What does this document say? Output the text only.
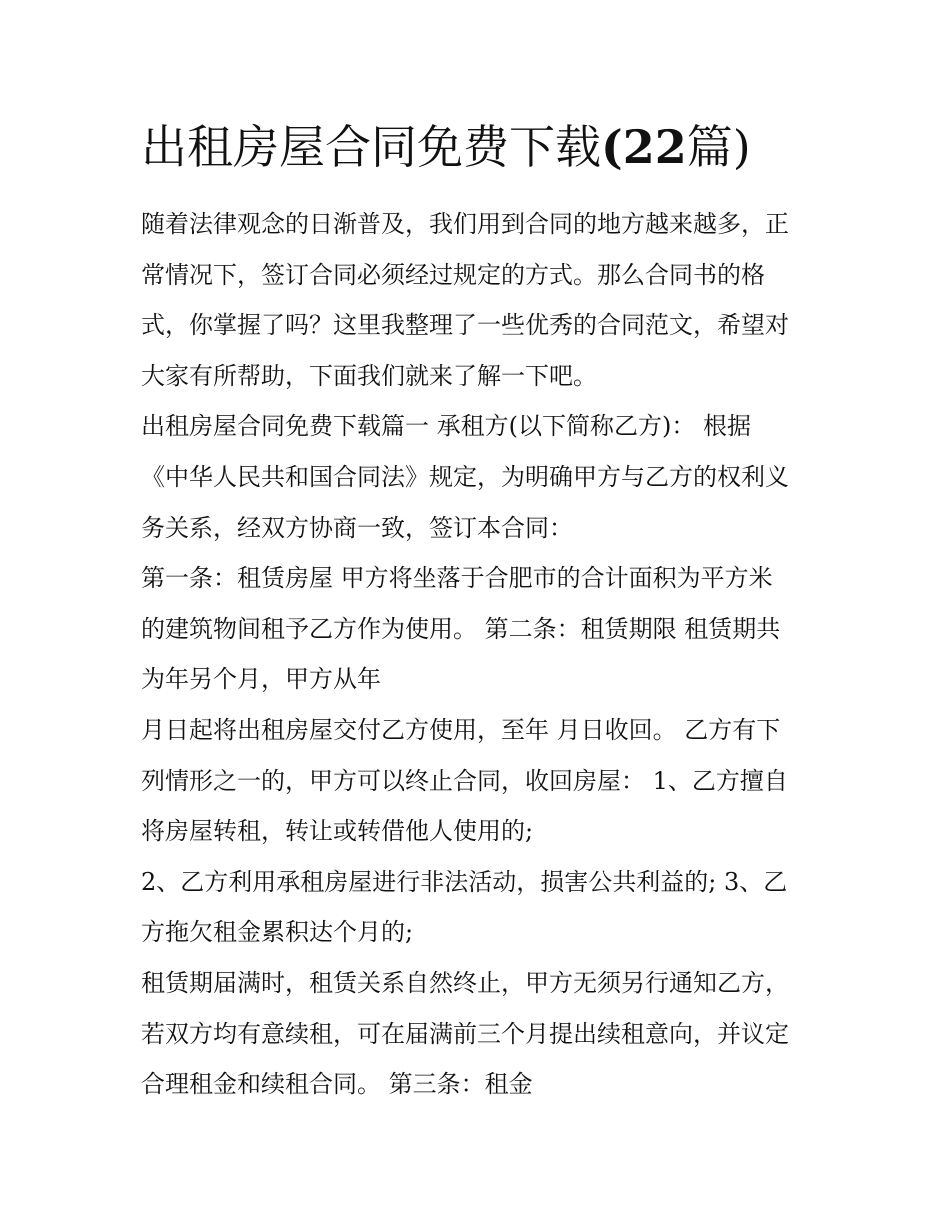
出租房屋合同免费下载(22篇)
随着法律观念的日渐普及，我们用到合同的地方越来越多，正
常情况下，签订合同必须经过规定的方式。那么合同书的格
式，你掌握了吗？这里我整理了一些优秀的合同范文，希望对
大家有所帮助，下面我们就来了解一下吧。
出租房屋合同免费下载篇一 承租方(以下简称乙方)： 根据
《中华人民共和国合同法》规定，为明确甲方与乙方的权利义
务关系，经双方协商一致，签订本合同：
第一条：租赁房屋 甲方将坐落于合肥市的合计面积为平方米
的建筑物间租予乙方作为使用。 第二条：租赁期限 租赁期共
为年另个月，甲方从年
月日起将出租房屋交付乙方使用，至年 月日收回。 乙方有下
列情形之一的，甲方可以终止合同，收回房屋： 1、乙方擅自
将房屋转租，转让或转借他人使用的;
2、乙方利用承租房屋进行非法活动，损害公共利益的; 3、乙
方拖欠租金累积达个月的;
租赁期届满时，租赁关系自然终止，甲方无须另行通知乙方，
若双方均有意续租，可在届满前三个月提出续租意向，并议定
合理租金和续租合同。 第三条：租金
